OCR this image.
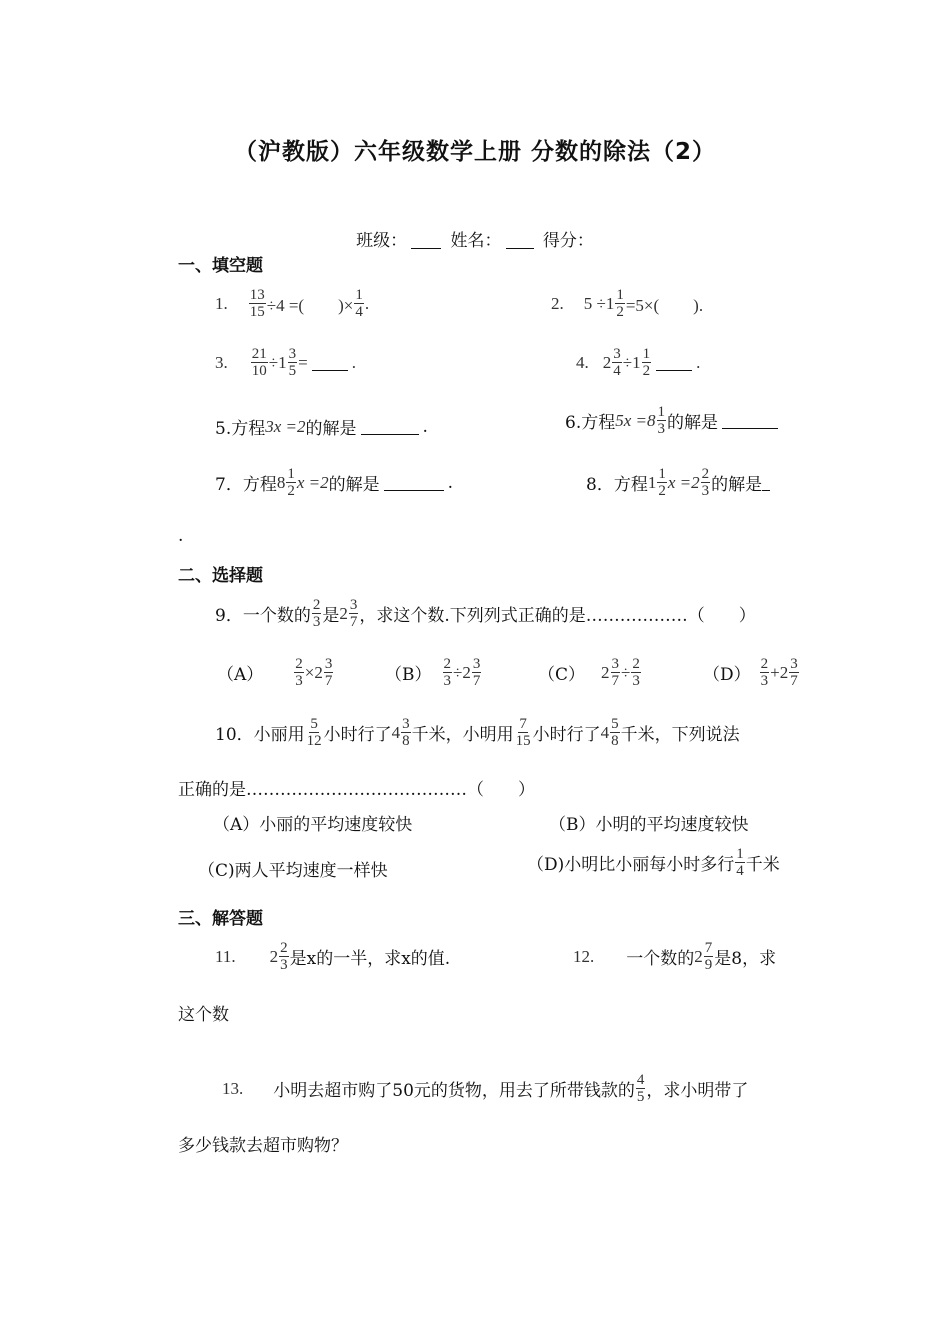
（沪教版）六年级数学上册 分数的除法（2）
班级：	姓名： 得分：
一、填空题
1. $\frac{13}{15} \div 4$ =(　　)× $\frac{1}{4}$ .	2. $5 \div 1 \frac{1}{2} =5\times$(　　).
3. $\frac{21}{10} \div 1 \frac{3}{5}$ =	.	4. $2 \frac{3}{4} \div 1$ 1
2	.
5.方程 3x =2 的解是	.	6.方程 5x =8 1
3 的解是
7．方程 8 1
2 x =2 的解是	.	8．方程 1 1
2 x =2 2
3 的解是
.
二、选择题
9．一个数的
2
3 是 2 3
7 ，求这个数.下列列式正确的是………………（　　）
$(A) \frac{2}{3} \times 2$ 3
7	$(B) \frac{2}{3} \div 2$ 3
7	（C） $2 \frac{3}{7} \div \frac{2}{3}$	（D）
2
3 +2 3
7
10．小丽用
5
12 小时行了 4 3
8 千米，小明用
7
15 小时行了 4 5
8 千米，下列说法
正确的是…………………………………（　　）
（A）小丽的平均速度较快	（B）小明的平均速度较快
（C)两人平均速度一样快	（D)小明比小丽每小时多行
1
4 千米
三、解答题
11. 2 2
3 是x的一半，求x的值.	12. 一个数的 2 7
9 是8，求
这个数
13. 小明去超市购了50元的货物，用去了所带钱款的
4
5 ，求小明带了
多少钱款去超市购物？
